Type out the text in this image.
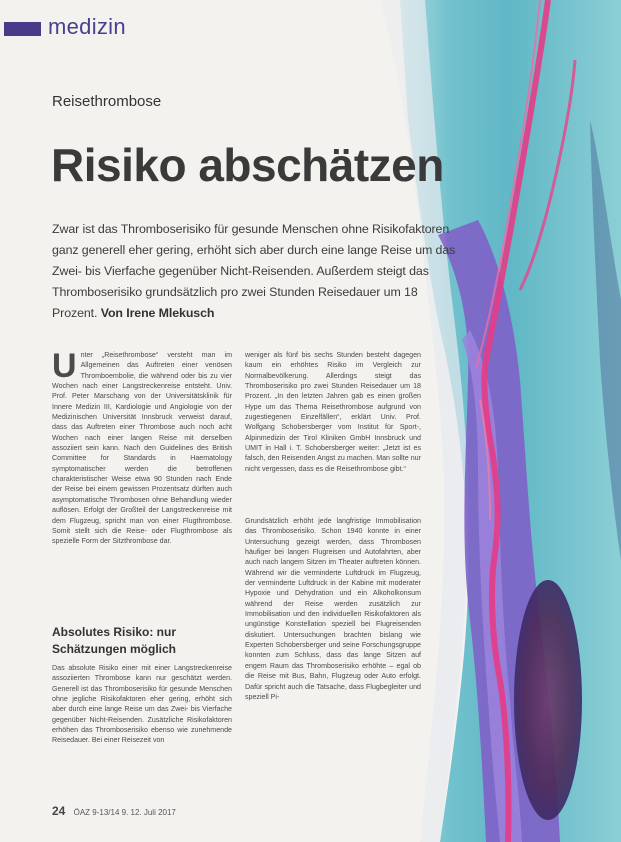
medizin
Reisethrombose
Risiko abschätzen
Zwar ist das Thromboserisiko für gesunde Menschen ohne Risikofaktoren ganz generell eher gering, erhöht sich aber durch eine lange Reise um das Zwei- bis Vierfache gegenüber Nicht-Reisenden. Außerdem steigt das Thromboserisiko grundsätzlich pro zwei Stunden Reisedauer um 18 Prozent. Von Irene Mlekusch
U nter „Reisethrombose“ versteht man im Allgemeinen das Auftreten einer venösen Thromboembolie, die während oder bis zu vier Wochen nach einer Langstreckenreise entsteht. Univ. Prof. Peter Marschang von der Universitätsklinik für Innere Medizin III, Kardiologie und Angiologie von der Medizinischen Universität Innsbruck verweist darauf, dass das Auftreten einer Thrombose auch noch acht Wochen nach einer langen Reise mit derselben assoziiert sein kann. Nach den Guidelines des British Committee for Standards in Haematology symptomatischer werden die betroffenen charakteristischer Weise etwa 90 Stunden nach Ende der Reise bei einem gewissen Prozentsatz dürften auch asymptomatische Thrombosen ohne Behandlung wieder auflösen. Erfolgt der Großteil der Langstreckenreise mit dem Flugzeug, spricht man von einer Flugthrombose. Somit stellt sich die Reise- oder Flugthrombose als spezielle Form der Sitzthrombose dar.
Absolutes Risiko: nur Schätzungen möglich
Das absolute Risiko einer mit einer Langstreckenreise assoziierten Thrombose kann nur geschätzt werden. Generell ist das Thromboserisiko für gesunde Menschen ohne jegliche Risikofaktoren eher gering, erhöht sich aber durch eine lange Reise um das Zwei- bis Vierfache gegenüber Nicht-Reisenden. Zusätzliche Risikofaktoren erhöhen das Thromboserisiko ebenso wie zunehmende Reisedauer. Bei einer Reisezeit von
weniger als fünf bis sechs Stunden besteht dagegen kaum ein erhöhtes Risiko im Vergleich zur Normalbevölkerung. Allerdings steigt das Thromboserisiko pro zwei Stunden Reisedauer um 18 Prozent. „In den letzten Jahren gab es einen großen Hype um das Thema Reisethrombose aufgrund von zugestiegenen Einzelfällen“, erklärt Univ. Prof. Wolfgang Schobersberger vom Institut für Sport-, Alpinmedizin der Tirol Kliniken GmbH Innsbruck und UMIT in Hall i. T. Schobersberger weiter: „Jetzt ist es falsch, den Reisenden Angst zu machen. Man sollte nur nicht vergessen, dass es die Reisethrombose gibt.“
Grundsätzlich erhöht jede langfristige Immobilisation das Thromboserisiko. Schon 1940 konnte in einer Untersuchung gezeigt werden, dass Thrombosen häufiger bei langen Flugreisen und Autofahrten, aber auch nach langem Sitzen im Theater auftreten können. Während wir die verminderte Luftdruck im Flugzeug, der verminderte Luftdruck in der Kabine mit moderater Hypoxie und Dehydration und ein Alkoholkonsum während der Reise werden zusätzlich zur Immobilisation und den individuellen Risikofaktoren als ungünstige Konstellation speziell bei Flugreisenden diskutiert. Untersuchungen brachten bislang wie Experten Schobersberger und seine Forschungsgruppe konnten zum Schluss, dass das lange Sitzen auf engem Raum das Thromboserisiko erhöhte – egal ob die Reise mit Bus, Bahn, Flugzeug oder Auto erfolgt. Dafür spricht auch die Tatsache, dass Flugbegleiter und speziell Pi-
24 ÖAZ 9-13/14 9. 12. Juli 2017
